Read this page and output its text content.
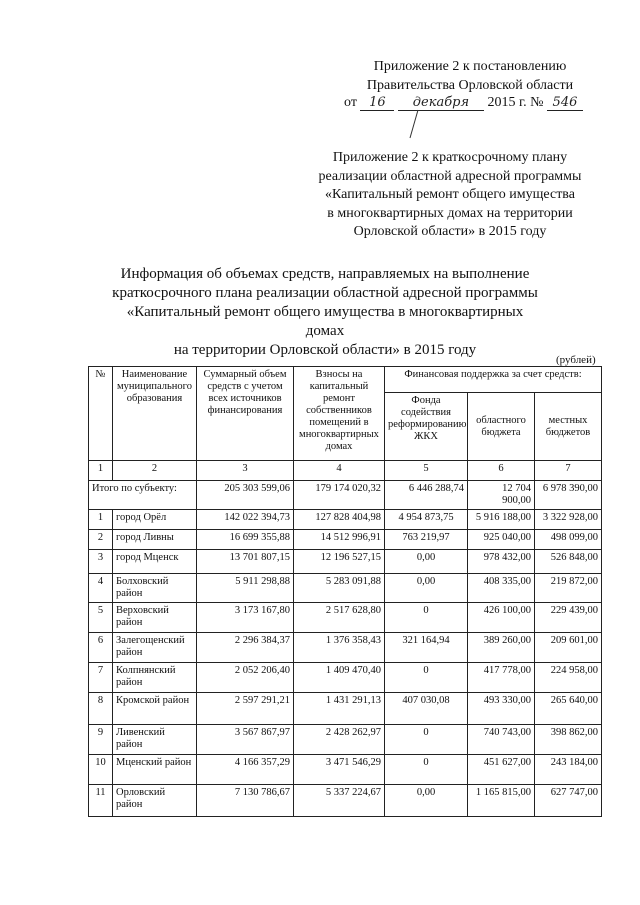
Приложение 2 к постановлению
Правительства Орловской области
от 16 декабря 2015 г. № 546
Приложение 2 к краткосрочному плану
реализации областной адресной программы
«Капитальный ремонт общего имущества
в многоквартирных домах на территории
Орловской области» в 2015 году
Информация об объемах средств, направляемых на выполнение
краткосрочного плана реализации областной адресной программы
«Капитальный ремонт общего имущества в многоквартирных домах
на территории Орловской области» в 2015 году
(рублей)
№	Наименование муниципального образования	Суммарный объем средств с учетом всех источников финансирования	Взносы на капитальный ремонт собственников помещений в многоквартирных домах	Финансовая поддержка за счет средств:		
				Фонда содействия реформированию ЖКХ	областного бюджета	местных бюджетов
1	2	3	4	5	6	7
Итого по субъекту:		205 303 599,06	179 174 020,32	6 446 288,74	12 704 900,00	6 978 390,00
1	город Орёл	142 022 394,73	127 828 404,98	4 954 873,75	5 916 188,00	3 322 928,00
2	город Ливны	16 699 355,88	14 512 996,91	763 219,97	925 040,00	498 099,00
3	город Мценск	13 701 807,15	12 196 527,15	0,00	978 432,00	526 848,00
4	Болховский район	5 911 298,88	5 283 091,88	0,00	408 335,00	219 872,00
5	Верховский район	3 173 167,80	2 517 628,80	0	426 100,00	229 439,00
6	Залегощенский район	2 296 384,37	1 376 358,43	321 164,94	389 260,00	209 601,00
7	Колпнянский район	2 052 206,40	1 409 470,40	0	417 778,00	224 958,00
8	Кромской район	2 597 291,21	1 431 291,13	407 030,08	493 330,00	265 640,00
9	Ливенский район	3 567 867,97	2 428 262,97	0	740 743,00	398 862,00
10	Мценский район	4 166 357,29	3 471 546,29	0	451 627,00	243 184,00
11	Орловский район	7 130 786,67	5 337 224,67	0,00	1 165 815,00	627 747,00
